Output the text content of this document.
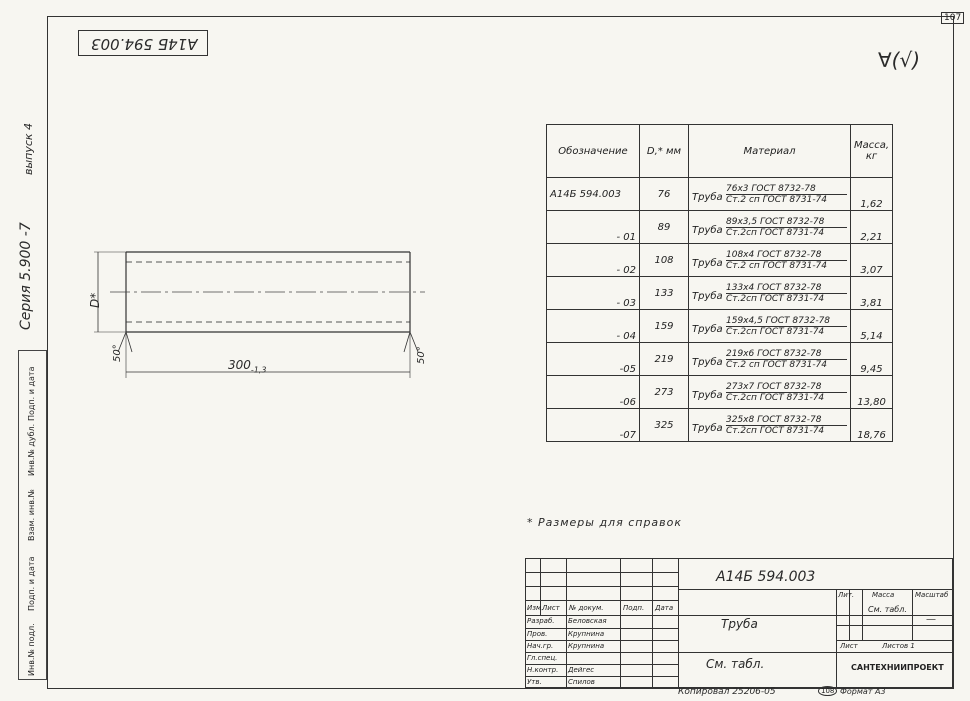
107
А14Б 594.003
∀(√)
Серия 5.900 -7
выпуск 4
Инв.№ подл.
Подп. и дата
Взам. инв.№
Инв.№ дубл.
Подп. и дата
D*
$300_{-1,3}$
50°	50°
Обозначение	D,* мм	Материал	Масса, кг
А14Б 594.003	76	Труба
76х3 ГОСТ 8732-78
Ст.2 сп ГОСТ 8731-74	1,62
- 01	89	Труба
89х3,5 ГОСТ 8732-78
Ст.2сп ГОСТ 8731-74	2,21
- 02	108	Труба
108х4 ГОСТ 8732-78
Ст.2 сп ГОСТ 8731-74	3,07
- 03	133	Труба
133х4 ГОСТ 8732-78
Ст.2сп ГОСТ 8731-74	3,81
- 04	159	Труба
159х4,5 ГОСТ 8732-78
Ст.2сп ГОСТ 8731-74	5,14
-05	219	Труба
219х6 ГОСТ 8732-78
Ст.2 сп ГОСТ 8731-74	9,45
-06	273	Труба
273х7 ГОСТ 8732-78
Ст.2сп ГОСТ 8731-74	13,80
-07	325	Труба
325х8 ГОСТ 8732-78
Ст.2сп ГОСТ 8731-74	18,76
* Размеры для справок
А14Б 594.003
Труба
См. табл.	САНТЕХНИИПРОЕКТ
Лит.	Масса	Масштаб
См. табл.
—
Лист	Листов 1
Изм.
Лист № докум.	Подп. Дата
Разраб. Беловская
Пров.	Крупнина
Нач.гр. Крупнина
Гл.спец.
Н.контр. Дейгес
Утв.	Спилов
Копировал 25206-05	108 Формат А3
